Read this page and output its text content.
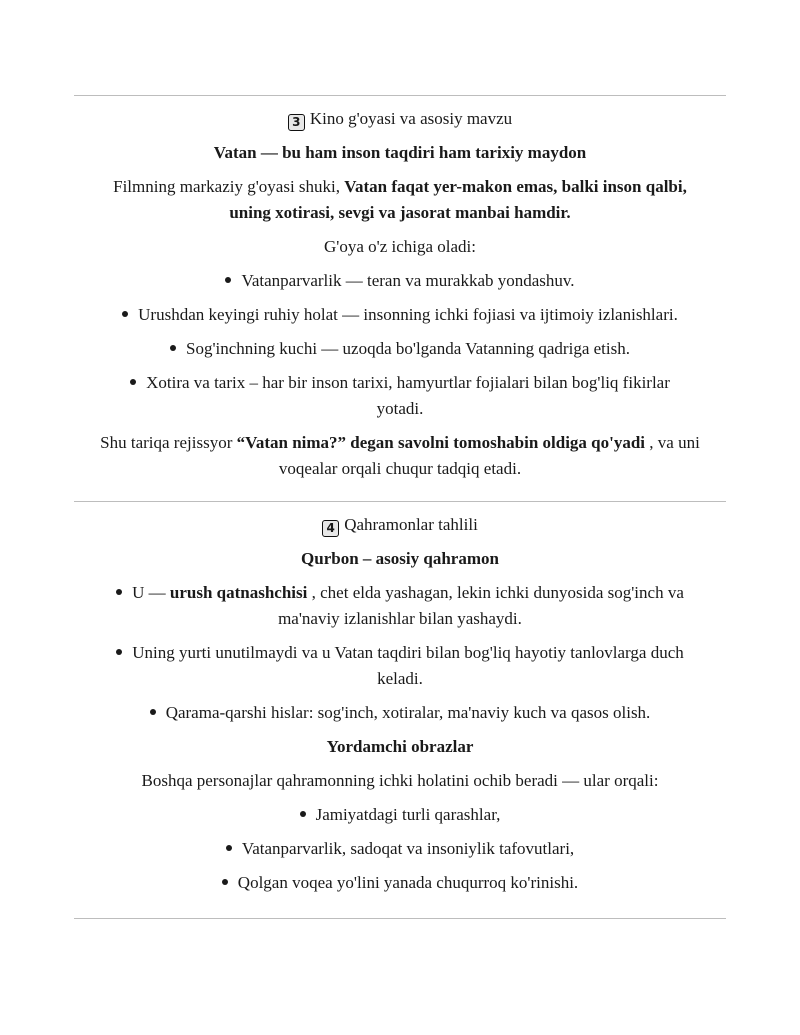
3 Kino g'oyasi va asosiy mavzu

Vatan — bu ham inson taqdiri ham tarixiy maydon

Filmning markaziy g'oyasi shuki, Vatan faqat yer-makon emas, balki inson qalbi,
uning xotirasi, sevgi va jasorat manbai hamdir.

G'oya o'z ichiga oladi:

Vatanparvarlik — teran va murakkab yondashuv.
Urushdan keyingi ruhiy holat — insonning ichki fojiasi va ijtimoiy izlanishlari.
Sog'inchning kuchi — uzoqda bo'lganda Vatanning qadriga etish.
Xotira va tarix – har bir inson tarixi, hamyurtlar fojialari bilan bog'liq fikirlar
yotadi.

Shu tariqa rejissyor “Vatan nima?” degan savolni tomoshabin oldiga qo'yadi , va uni
voqealar orqali chuqur tadqiq etadi.

4 Qahramonlar tahlili

Qurbon – asosiy qahramon

U — urush qatnashchisi , chet elda yashagan, lekin ichki dunyosida sog'inch va
ma'naviy izlanishlar bilan yashaydi.
Uning yurti unutilmaydi va u Vatan taqdiri bilan bog'liq hayotiy tanlovlarga duch
keladi.
Qarama-qarshi hislar: sog'inch, xotiralar, ma'naviy kuch va qasos olish.

Yordamchi obrazlar

Boshqa personajlar qahramonning ichki holatini ochib beradi — ular orqali:

Jamiyatdagi turli qarashlar,
Vatanparvarlik, sadoqat va insoniylik tafovutlari,
Qolgan voqea yo'lini yanada chuqurroq ko'rinishi.
